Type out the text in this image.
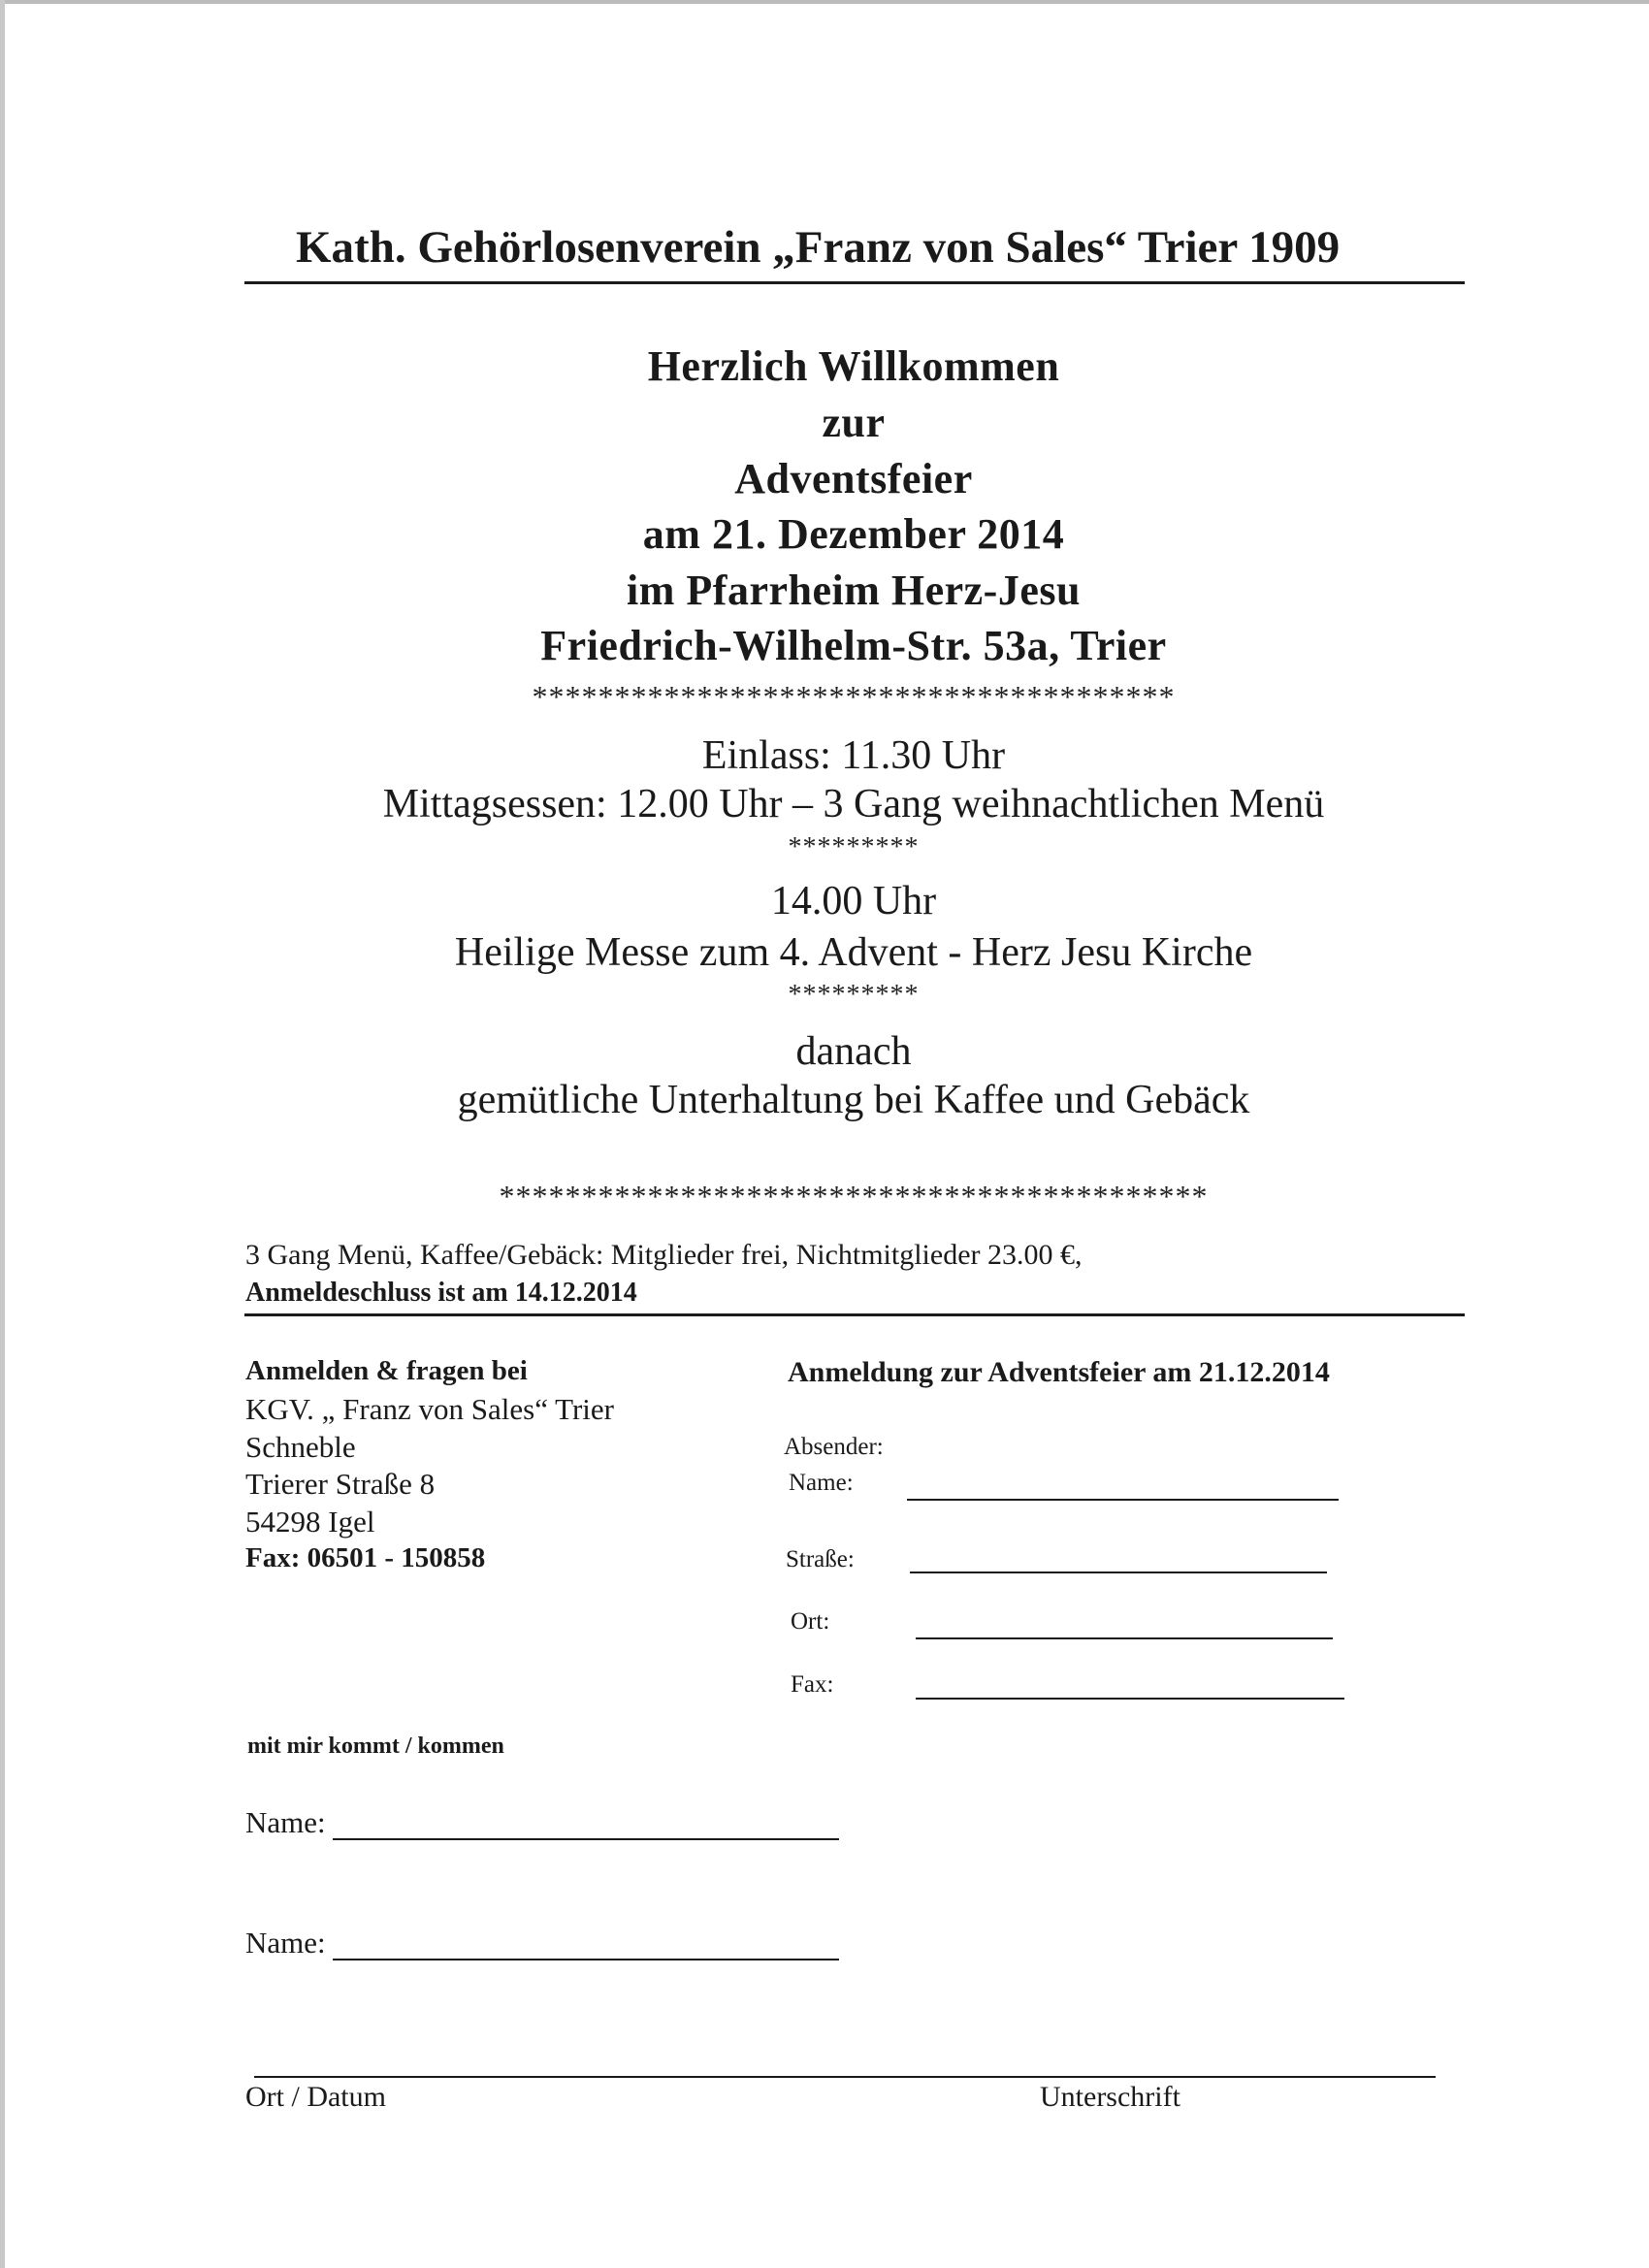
Kath. Gehörlosenverein „Franz von Sales“ Trier 1909
Herzlich Willkommen
zur
Adventsfeier
am 21. Dezember 2014
im Pfarrheim Herz-Jesu
Friedrich-Wilhelm-Str. 53a, Trier
***************************************
Einlass: 11.30 Uhr
Mittagsessen: 12.00 Uhr – 3 Gang weihnachtlichen Menü
*********
14.00 Uhr
Heilige Messe zum 4. Advent - Herz Jesu Kirche
*********
danach
gemütliche Unterhaltung bei Kaffee und Gebäck
*******************************************
3 Gang Menü, Kaffee/Gebäck: Mitglieder frei, Nichtmitglieder 23.00 €,
Anmeldeschluss ist am 14.12.2014
Anmelden & fragen bei
KGV. „ Franz von Sales“ Trier
Schneble
Trierer Straße 8
54298 Igel
Fax: 06501 - 150858
Anmeldung zur Adventsfeier am 21.12.2014
Absender:
Name:
Straße:
Ort:
Fax:
mit mir kommt / kommen
Name:
Name:
Ort / Datum	Unterschrift
